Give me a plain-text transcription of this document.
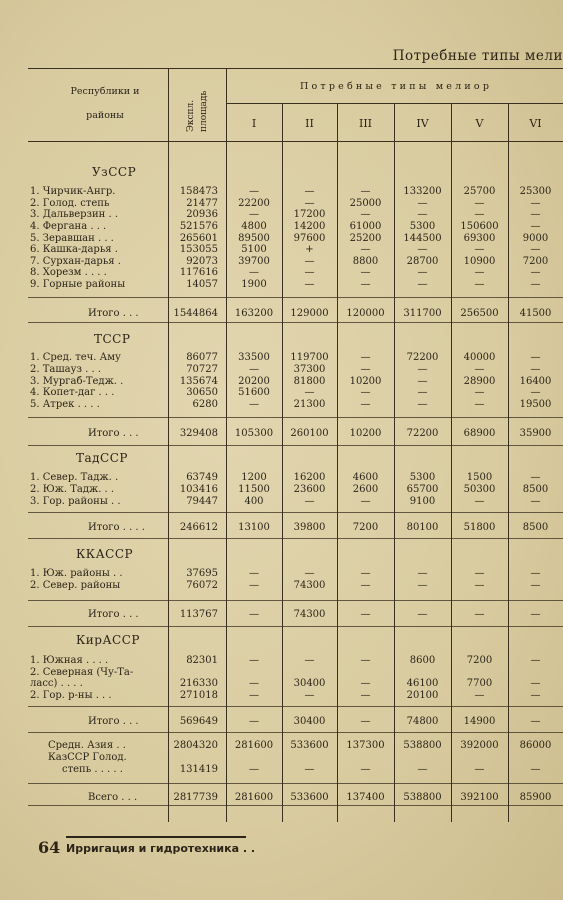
Потребные типы мели
Республики и
районы	Экспл. площадь
Потребные типы мелиор
I	II	III	IV	V	VI
УзССР
1. Чирчик-Ангр.	158473	—	—	—	133200	25700	25300
2. Голод. степь	21477	22200	—	25000	—	—	—
3. Дальверзин . .	20936	—	17200	—	—	—	—
4. Фергана . . .	521576	4800	14200	61000	5300	150600	—
5. Зеравшан . . .	265601	89500	97600	25200	144500	69300	9000
6. Кашка-дарья .	153055	5100	+	—	—	—	—
7. Сурхан-дарья .	92073	39700	—	8800	28700	10900	7200
8. Хорезм . . . .	117616	—	—	—	—	—	—
9. Горные районы	14057	1900	—	—	—	—	—
Итого . . .	1544864	163200	129000	120000	311700	256500	41500
ТССР
1. Сред. теч. Аму	86077	33500	119700	—	72200	40000	—
2. Ташауз . . .	70727	—	37300	—	—	—	—
3. Мургаб-Тедж. .	135674	20200	81800	10200	—	28900	16400
4. Копет-даг . . .	30650	51600	—	—	—	—	—
5. Атрек . . . .	6280	—	21300	—	—	—	19500
Итого . . .	329408	105300	260100	10200	72200	68900	35900
ТадССР
1. Север. Тадж. .	63749	1200	16200	4600	5300	1500	—
2. Юж. Тадж. . .	103416	11500	23600	2600	65700	50300	8500
3. Гор. районы . .	79447	400	—	—	9100	—	—
Итого . . . .	246612	13100	39800	7200	80100	51800	8500
ККАССР
1. Юж. районы . .	37695	—	—	—	—	—	—
2. Север. районы	76072	—	74300	—	—	—	—
Итого . . .	113767	—	74300	—	—	—	—
КирАССР
1. Южная . . . .	82301	—	—	—	8600	7200	—
2. Северная (Чу-Та-
ласс) . . . .	216330	—	30400	—	46100	7700	—
2. Гор. р-ны . . .	271018	—	—	—	20100	—	—
Итого . . .	569649	—	30400	—	74800	14900	—
Средн. Азия . .	2804320	281600	533600	137300	538800	392000	86000
КазССР Голод.
степь . . . . .	131419	—	—	—	—	—	—
Всего . . .	2817739	281600	533600	137400	538800	392100	85900
64 Ирригация и гидротехника . .
